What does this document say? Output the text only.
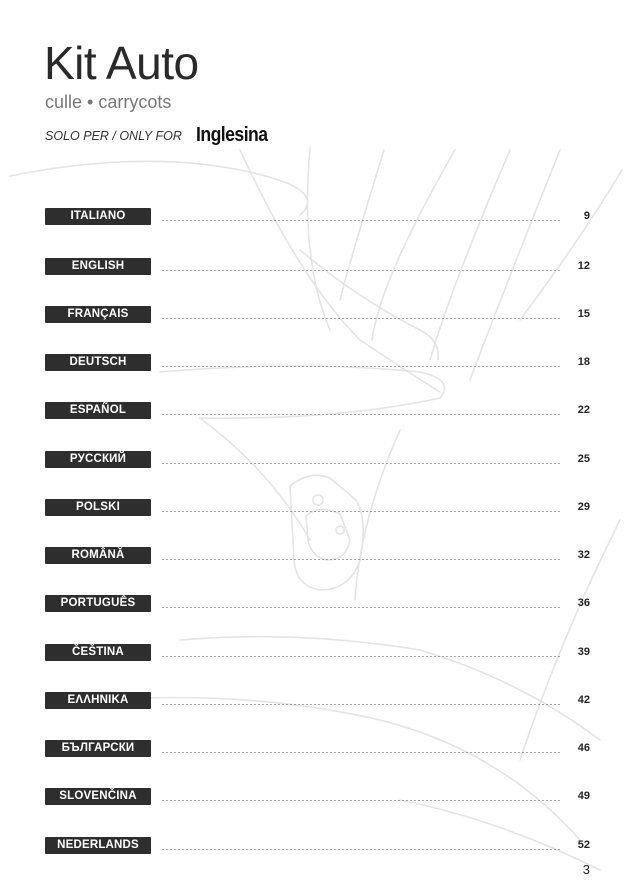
Kit Auto
culle • carrycots
SOLO PER / ONLY FOR Inglesina
ITALIANO	9
ENGLISH	12
FRANÇAIS	15
DEUTSCH	18
ESPAÑOL	22
РУССКИЙ	25
POLSKI	29
ROMÂNĂ	32
PORTUGUÊS	36
ČEŠTINA	39
ΕΛΛΗΝΙΚΑ	42
БЪЛГАРСКИ	46
SLOVENČINA	49
NEDERLANDS	52
3
